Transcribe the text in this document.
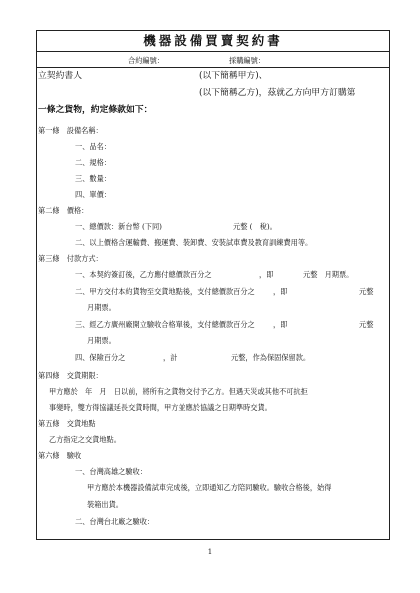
機器設備買賣契約書
合約編號：	採購編號：
立契約書人	(以下簡稱甲方)、
(以下簡稱乙方)，茲就乙方向甲方訂購第
一條之貨物，約定條款如下：
第一條　設備名稱：
一、品名：
二、規格：
三、數量：
四、單價：
第二條　價格：
一、總價款：新台幣 (下同)	元整 (　稅)。
二、以上價格含運輸費、搬運費、裝卸費、安裝試車費及教育訓練費用等。
第三條　付款方式：
一、本契約簽訂後，乙方應付總價款百分之	，即	元整　月期票。
二、甲方交付本約貨物至交貨地點後，支付總價款百分之	，即	元整
月期票。
三、經乙方廣州廠開立驗收合格單後，支付總價款百分之	，即	元整
月期票。
四、保險百分之	，計	元整，作為保固保留款。
第四條　交貨期限：
甲方應於　年　月　日以前，將所有之貨物交付予乙方。但遇天災或其他不可抗拒
事變時，雙方得協議延長交貨時間，甲方並應於協議之日期準時交貨。
第五條　交貨地點
乙方指定之交貨地點。
第六條　驗收
一、台灣高雄之驗收：
甲方應於本機器設備試車完成後，立即通知乙方陪同驗收。驗收合格後，始得
裝箱出貨。
二、台灣台北廠之驗收：
1
